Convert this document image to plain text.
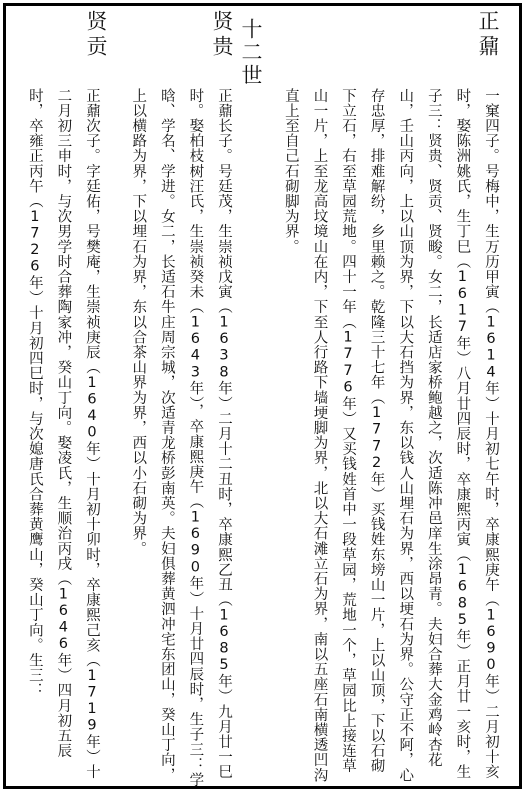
正鼐
一窠四子。号梅中，生万历甲寅（1614年）十月初七午时，卒康熙庚午（1690年）二月初十亥时，娶陈洲姚氏，生丁巳（1617年）八月廿四辰时，卒康熙丙寅（1685年）正月廿一亥时，生子三：贤贵、贤贡、贤畯。女二，长适店家桥鲍越之，次适陈冲邑庠生涂昂青。夫妇合葬大金鸡岭杏花山，壬山丙向，上以山顶为界，下以大石挡为界，东以钱人山埋石为界，西以埂石为界。公守正不阿，心存忠厚，排难解纷，乡里赖之。乾隆三十七年（1772年）买钱姓东塝山一片，上以山顶，下以石砌下立石，右至草园荒地。四十一年（1776年）又买钱姓首中一段草园，荒地一个，草园比上接连草山一片，上至龙高坟境山在内，下至人行路下墙埂脚为界，北以大石滩立石为界，南以五座石南横透凹沟直上至自己石砌脚为界。
十二世
贤贵
正鼐长子。号廷茂，生崇祯戊寅（1638年）二月十二丑时，卒康熙乙丑（1685年）九月廿一巳时。娶柏枝树汪氏，生崇祯癸未（1643年），卒康熙庚午（1690年）十月廿四辰时，生子三：学晗、学名、学进。女二，长适石牛庄周宗城，次适青龙桥彭南英。夫妇俱葬黄泗冲宅东团山，癸山丁向，上以横路为界，下以埋石为界，东以合茶山界为界，西以小石砌为界。
贤贡
正鼐次子。字廷佑，号樊庵，生崇祯庚辰（1640年）十月初十卯时，卒康熙己亥（1719年）十二月初三申时，与次男学时合葬陶家冲，癸山丁向。娶凌氏，生顺治丙戌（1646年）四月初五辰时，卒雍正丙午（1726年）十月初四巳时，与次媳唐氏合葬黄鹰山，癸山丁向。生三：
